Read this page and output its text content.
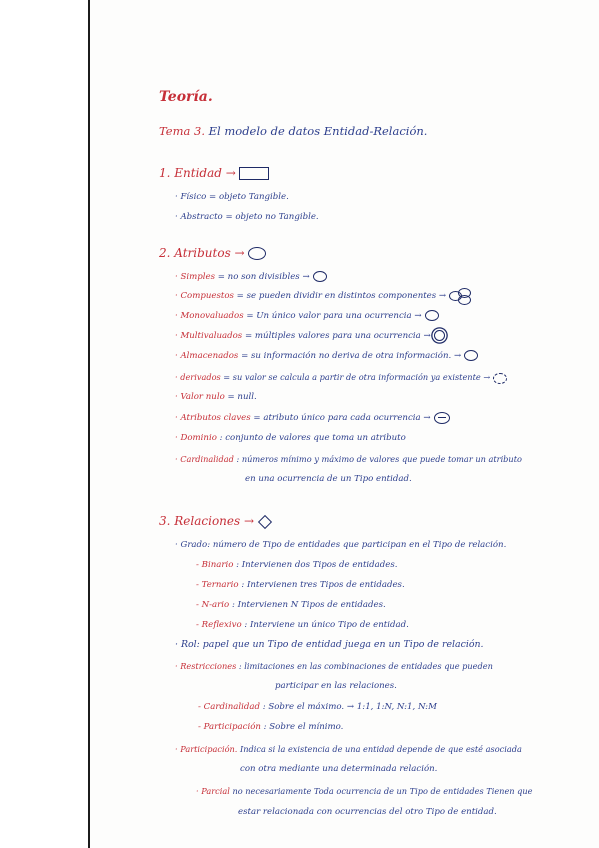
Teoría.
Tema 3. El modelo de datos Entidad-Relación.
1. Entidad →
· Físico = objeto Tangible.
· Abstracto = objeto no Tangible.
2. Atributos →
· Simples = no son divisibles →
· Compuestos = se pueden dividir en distintos componentes →
· Monovaluados = Un único valor para una ocurrencia →
· Multivaluados = múltiples valores para una ocurrencia →
· Almacenados = su información no deriva de otra información. →
· derivados = su valor se calcula a partir de otra información ya existente →
· Valor nulo = null.
· Atributos claves = atributo único para cada ocurrencia →
· Dominio : conjunto de valores que toma un atributo
· Cardinalidad : números mínimo y máximo de valores que puede tomar un atributo
en una ocurrencia de un Tipo entidad.
3. Relaciones →
· Grado: número de Tipo de entidades que participan en el Tipo de relación.
- Binario : Intervienen dos Tipos de entidades.
- Ternario : Intervienen tres Tipos de entidades.
- N-ario : Intervienen N Tipos de entidades.
- Reflexivo : Interviene un único Tipo de entidad.
· Rol: papel que un Tipo de entidad juega en un Tipo de relación.
· Restricciones : limitaciones en las combinaciones de entidades que pueden
participar en las relaciones.
- Cardinalidad : Sobre el máximo. → 1:1, 1:N, N:1, N:M
- Participación : Sobre el mínimo.
· Participación. Indica si la existencia de una entidad depende de que esté asociada
con otra mediante una determinada relación.
· Parcial no necesariamente Toda ocurrencia de un Tipo de entidades Tienen que
estar relacionada con ocurrencias del otro Tipo de entidad.
